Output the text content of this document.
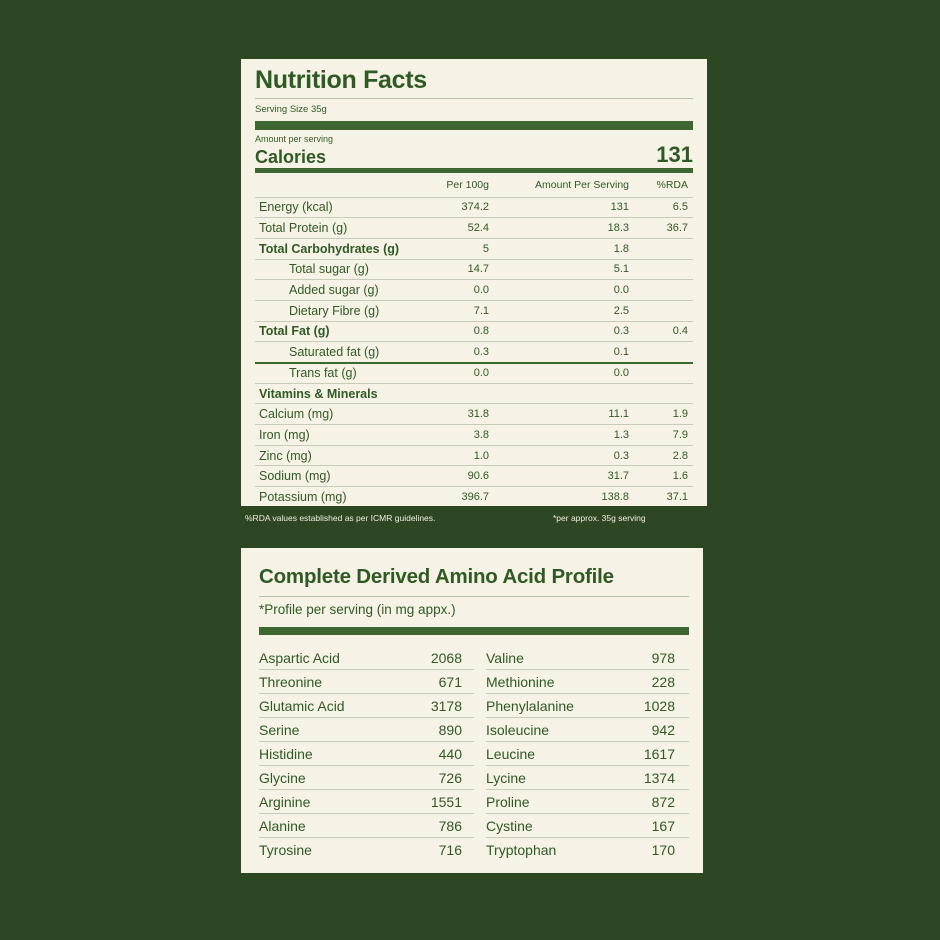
Nutrition Facts
Serving Size 35g
Amount per serving
Calories	131
	Per 100g	Amount Per Serving	%RDA
Energy (kcal)	374.2	131	6.5
Total Protein (g)	52.4	18.3	36.7
Total Carbohydrates (g)	5	1.8	
Total sugar (g)	14.7	5.1	
Added sugar (g)	0.0	0.0	
Dietary Fibre (g)	7.1	2.5	
Total Fat (g)	0.8	0.3	0.4
Saturated fat (g)	0.3	0.1	
Trans fat (g)	0.0	0.0	
Vitamins & Minerals			
Calcium (mg)	31.8	11.1	1.9
Iron (mg)	3.8	1.3	7.9
Zinc (mg)	1.0	0.3	2.8
Sodium (mg)	90.6	31.7	1.6
Potassium (mg)	396.7	138.8	37.1
%RDA values established as per ICMR guidelines.	*per approx. 35g serving
Complete Derived Amino Acid Profile
*Profile per serving (in mg appx.)
Aspartic Acid	2068
Threonine	671
Glutamic Acid	3178
Serine	890
Histidine	440
Glycine	726
Arginine	1551
Alanine	786
Tyrosine	716
Valine	978
Methionine	228
Phenylalanine	1028
Isoleucine	942
Leucine	1617
Lycine	1374
Proline	872
Cystine	167
Tryptophan	170
